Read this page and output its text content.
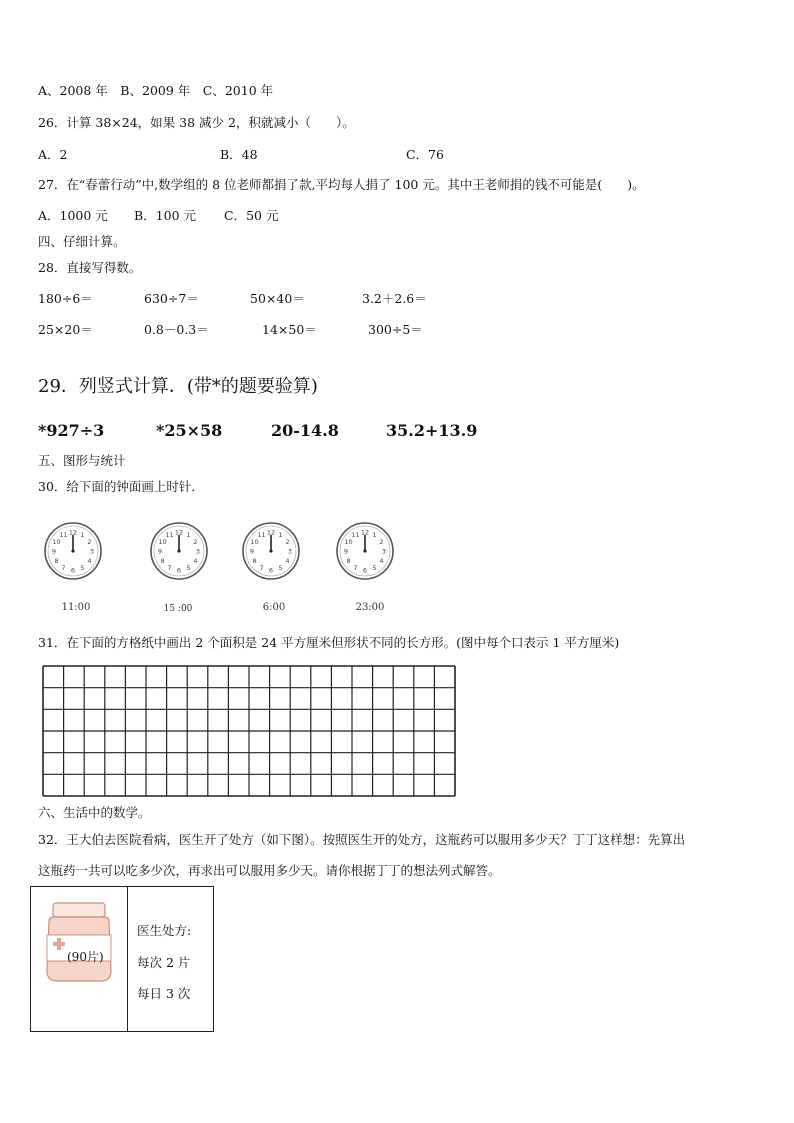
A、2008 年　B、2009 年　C、2010 年
26．计算 38×24，如果 38 减少 2，积就减小（　　）。
A．2	B．48	C．76
27．在“春蕾行动”中,数学组的 8 位老师都捐了款,平均每人捐了 100 元。其中王老师捐的钱不可能是(　　)。
A．1000 元 B．100 元 C．50 元
四、仔细计算。
28．直接写得数。
180÷6＝	630÷7＝	50×40＝	3.2＋2.6＝
25×20＝	0.8－0.3＝	14×50＝	300÷5＝
29．列竖式计算．(带*的题要验算)
*927÷3	*25×58	20-14.8	35.2+13.9
五、图形与统计
30．给下面的钟面画上时针．
12 1
2
3
4
5
6
7
8
9
10
11	12 1
2
3
4
5
6
7
8
9
10
11	12 1
2
3
4
5
6
7
8
9
10
11	12 1
2
3
4
5
6
7
8
9
10
11
11:00	15 :00	6:00	23:00
31．在下面的方格纸中画出 2 个面积是 24 平方厘米但形状不同的长方形。(图中每个口表示 1 平方厘米)
六、生活中的数学。
32．王大伯去医院看病，医生开了处方（如下图）。按照医生开的处方，这瓶药可以服用多少天？丁丁这样想：先算出
这瓶药一共可以吃多少次，再求出可以服用多少天。请你根据丁丁的想法列式解答。
(90片)
医生处方:
每次 2 片
每日 3 次
